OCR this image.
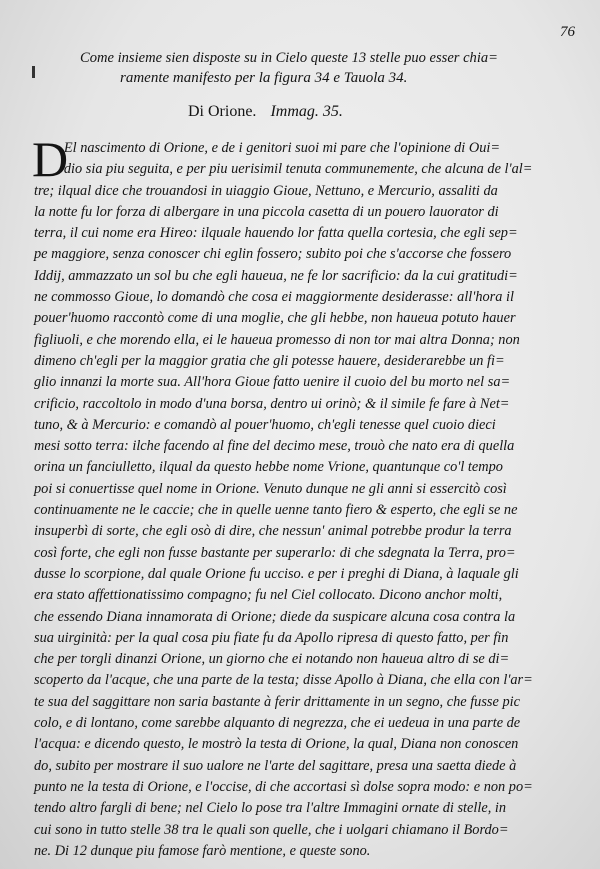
76
Come insieme sien disposte su in Cielo queste 13 stelle puo esser chia=
ramente manifesto per la figura 34 e Tauola 34.
Di Orione. Immag. 35.
D
El nascimento di Orione, e de i genitori suoi mi pare che l'opinione di Oui=
dio sia piu seguita, e per piu uerisimil tenuta communemente, che alcuna de l'al=
tre; ilqual dice che trouandosi in uiaggio Gioue, Nettuno, e Mercurio, assaliti da
la notte fu lor forza di albergare in una piccola casetta di un pouero lauorator di
terra, il cui nome era Hireo: ilquale hauendo lor fatta quella cortesia, che egli sep=
pe maggiore, senza conoscer chi eglin fossero; subito poi che s'accorse che fossero
Iddij, ammazzato un sol bu che egli haueua, ne fe lor sacrificio: da la cui gratitudi=
ne commosso Gioue, lo domandò che cosa ei maggiormente desiderasse: all'hora il
pouer'huomo raccontò come di una moglie, che gli hebbe, non haueua potuto hauer
figliuoli, e che morendo ella, ei le haueua promesso di non tor mai altra Donna; non
dimeno ch'egli per la maggior gratia che gli potesse hauere, desiderarebbe un fi=
glio innanzi la morte sua. All'hora Gioue fatto uenire il cuoio del bu morto nel sa=
crificio, raccoltolo in modo d'una borsa, dentro ui orinò; & il simile fe fare à Net=
tuno, & à Mercurio: e comandò al pouer'huomo, ch'egli tenesse quel cuoio dieci
mesi sotto terra: ilche facendo al fine del decimo mese, trouò che nato era di quella
orina un fanciulletto, ilqual da questo hebbe nome Vrione, quantunque co'l tempo
poi si conuertisse quel nome in Orione. Venuto dunque ne gli anni si essercitò così
continuamente ne le caccie; che in quelle uenne tanto fiero & esperto, che egli se ne
insuperbì di sorte, che egli osò di dire, che nessun' animal potrebbe produr la terra
così forte, che egli non fusse bastante per superarlo: di che sdegnata la Terra, pro=
dusse lo scorpione, dal quale Orione fu ucciso. e per i preghi di Diana, à laquale gli
era stato affettionatissimo compagno; fu nel Ciel collocato. Dicono anchor molti,
che essendo Diana innamorata di Orione; diede da suspicare alcuna cosa contra la
sua uirginità: per la qual cosa piu fiate fu da Apollo ripresa di questo fatto, per fin
che per torgli dinanzi Orione, un giorno che ei notando non haueua altro di se di=
scoperto da l'acque, che una parte de la testa; disse Apollo à Diana, che ella con l'ar=
te sua del saggittare non saria bastante à ferir drittamente in un segno, che fusse pic
colo, e di lontano, come sarebbe alquanto di negrezza, che ei uedeua in una parte de
l'acqua: e dicendo questo, le mostrò la testa di Orione, la qual, Diana non conoscen
do, subito per mostrare il suo ualore ne l'arte del sagittare, presa una saetta diede à
punto ne la testa di Orione, e l'occise, di che accortasi sì dolse sopra modo: e non po=
tendo altro fargli di bene; nel Cielo lo pose tra l'altre Immagini ornate di stelle, in
cui sono in tutto stelle 38 tra le quali son quelle, che i uolgari chiamano il Bordo=
ne. Di 12 dunque piu famose farò mentione, e queste sono.
